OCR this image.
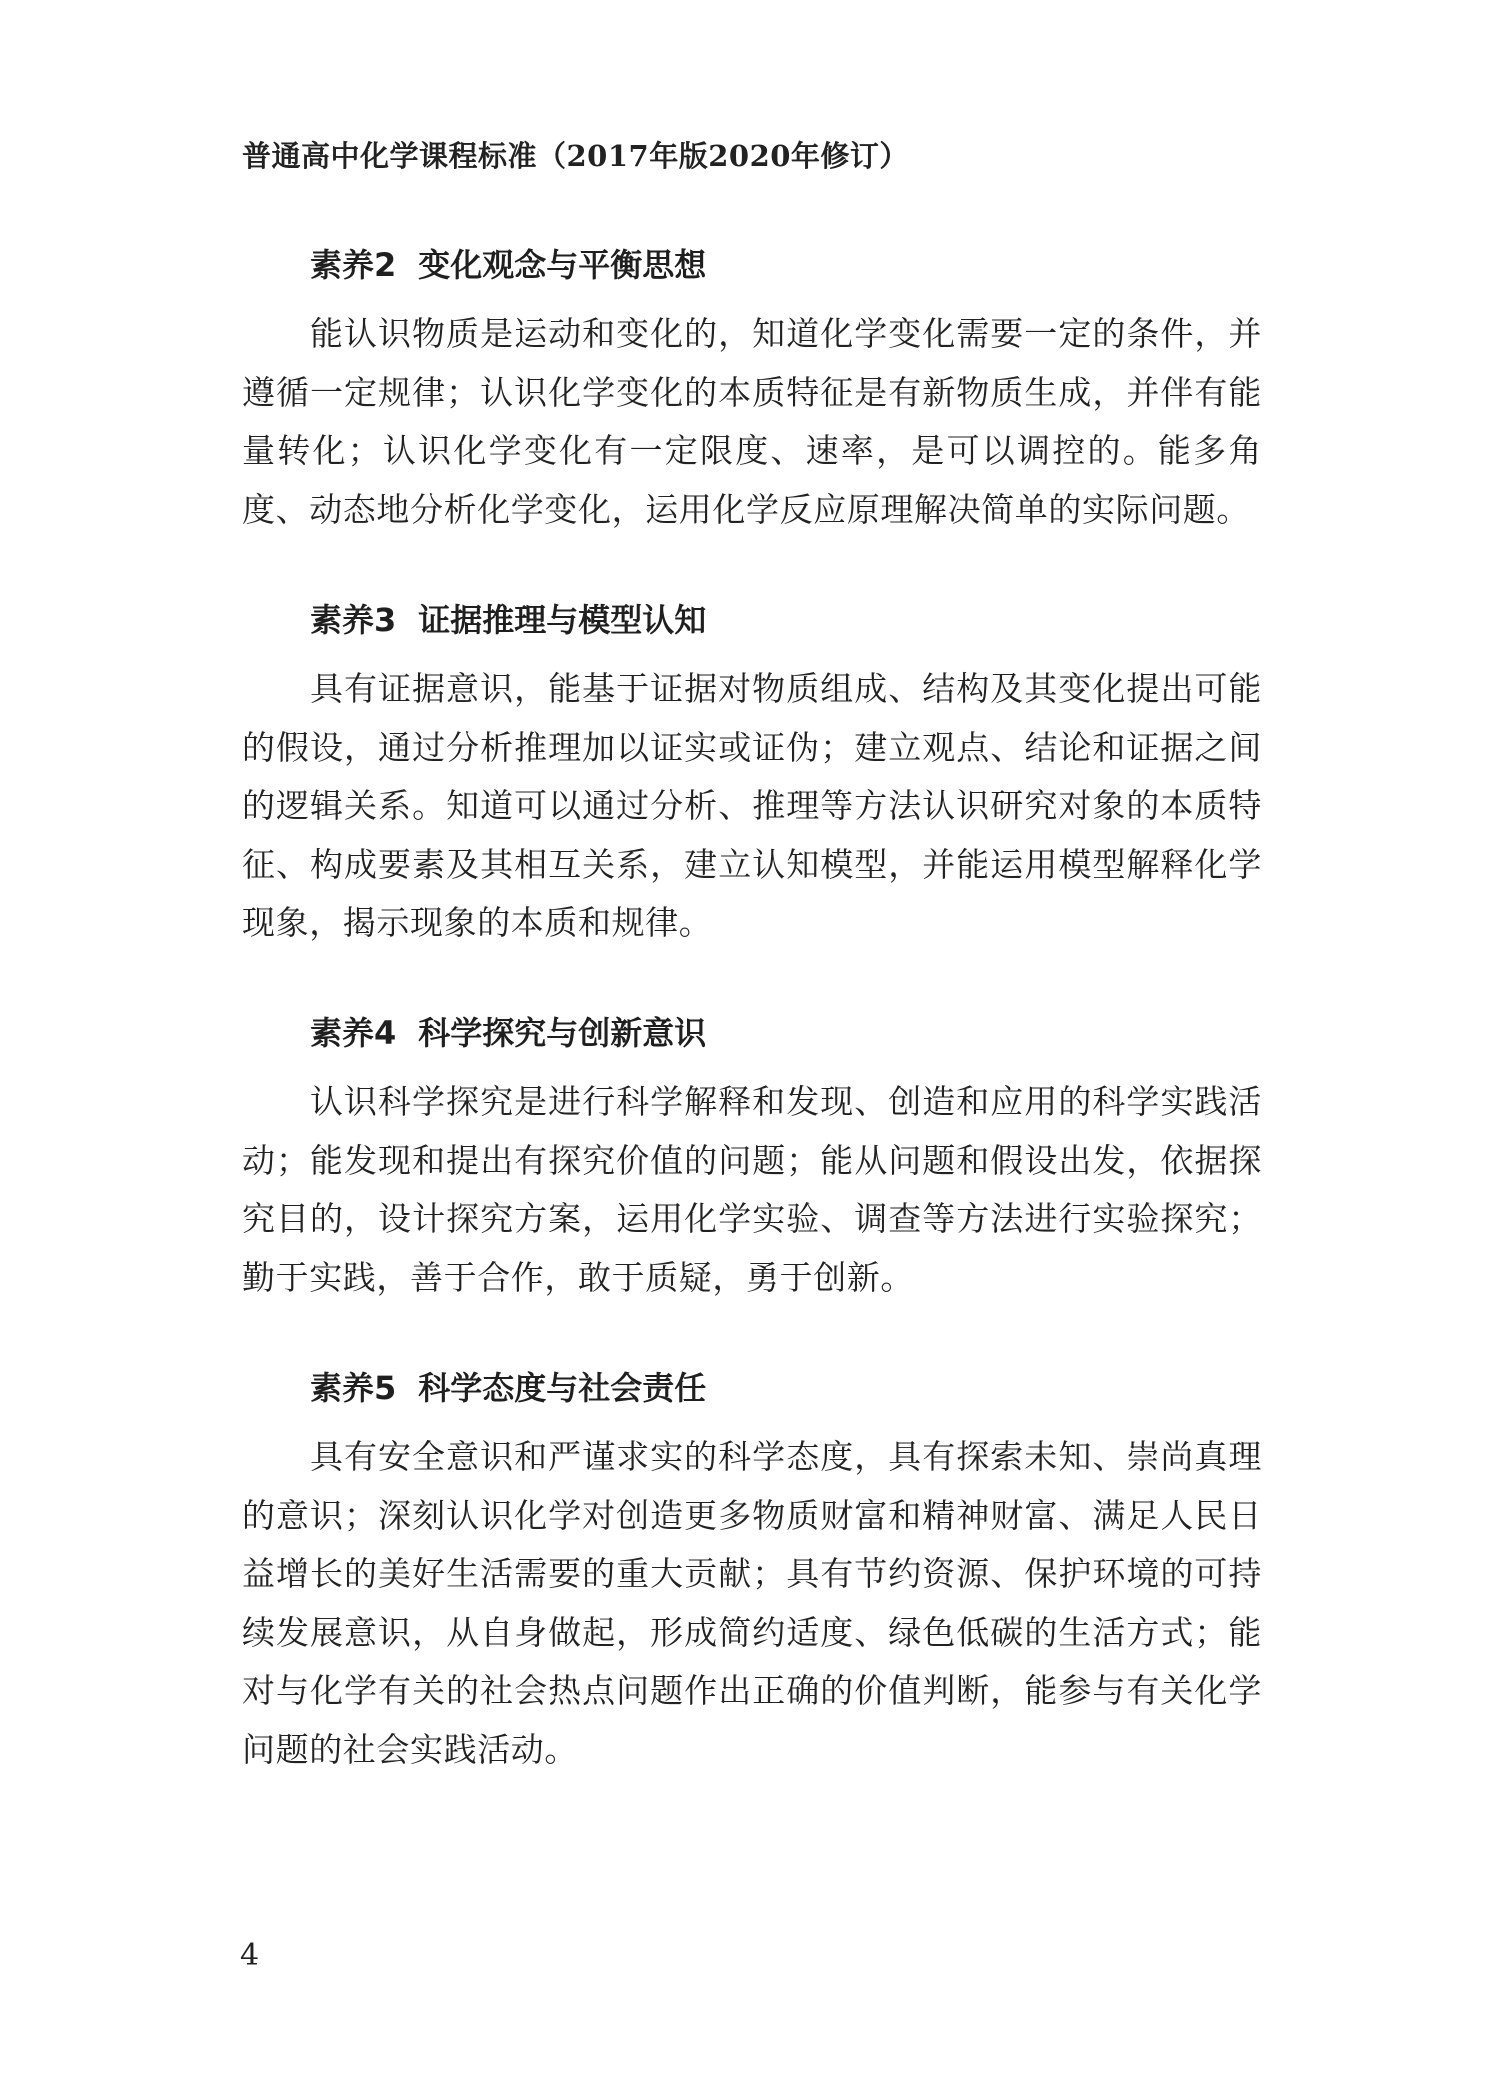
普通高中化学课程标准（2017年版2020年修订）
素养2 变化观念与平衡思想

能认识物质是运动和变化的，知道化学变化需要一定的条件，并遵循一定规律；认识化学变化的本质特征是有新物质生成，并伴有能量转化；认识化学变化有一定限度、速率，是可以调控的。能多角度、动态地分析化学变化，运用化学反应原理解决简单的实际问题。

素养3 证据推理与模型认知

具有证据意识，能基于证据对物质组成、结构及其变化提出可能的假设，通过分析推理加以证实或证伪；建立观点、结论和证据之间的逻辑关系。知道可以通过分析、推理等方法认识研究对象的本质特征、构成要素及其相互关系，建立认知模型，并能运用模型解释化学现象，揭示现象的本质和规律。

素养4 科学探究与创新意识

认识科学探究是进行科学解释和发现、创造和应用的科学实践活动；能发现和提出有探究价值的问题；能从问题和假设出发，依据探究目的，设计探究方案，运用化学实验、调查等方法进行实验探究；勤于实践，善于合作，敢于质疑，勇于创新。

素养5 科学态度与社会责任

具有安全意识和严谨求实的科学态度，具有探索未知、崇尚真理的意识；深刻认识化学对创造更多物质财富和精神财富、满足人民日益增长的美好生活需要的重大贡献；具有节约资源、保护环境的可持续发展意识，从自身做起，形成简约适度、绿色低碳的生活方式；能对与化学有关的社会热点问题作出正确的价值判断，能参与有关化学问题的社会实践活动。

4
